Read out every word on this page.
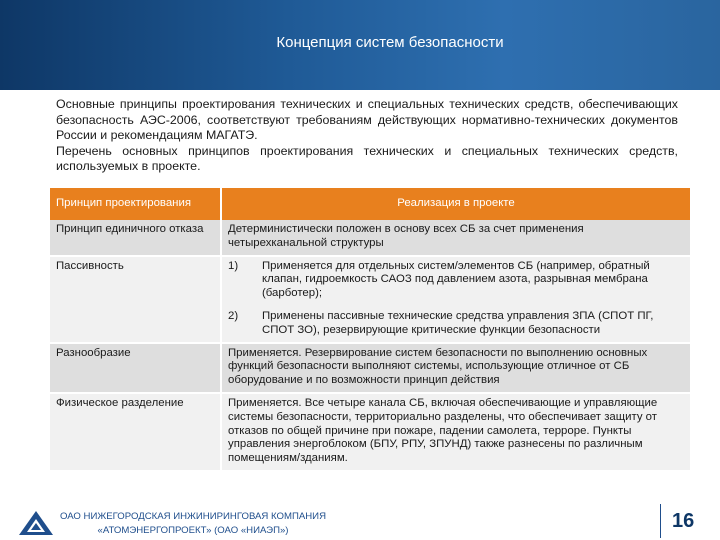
Концепция систем безопасности

Основные принципы проектирования технических и специальных технических средств, обеспечивающих безопасность АЭС-2006, соответствуют требованиям действующих нормативно-технических документов России и рекомендациям МАГАТЭ.

Перечень основных принципов проектирования технических и специальных технических средств, используемых в проекте.

Принцип проектирования	Реализация в проекте
Принцип единичного отказа	Детерминистически положен в основу всех СБ за счет применения четырехканальной структуры
Пассивность	1) Применяется для отдельных систем/элементов СБ (например, обратный клапан, гидроемкость САОЗ под давлением азота, разрывная мембрана (барботер);
2) Применены пассивные технические средства управления ЗПА (СПОТ ПГ, СПОТ ЗО), резервирующие критические функции безопасности

Разнообразие	Применяется. Резервирование систем безопасности по выполнению основных функций безопасности выполняют системы, использующие отличное от СБ оборудование и по возможности принцип действия
Физическое разделение	Применяется. Все четыре канала СБ, включая обеспечивающие и управляющие системы безопасности, территориально разделены, что обеспечивает защиту от отказов по общей причине при пожаре, падении самолета, терроре. Пункты управления энергоблоком (БПУ, РПУ, ЗПУНД) также разнесены по различным помещениям/зданиям.
ОАО НИЖЕГОРОДСКАЯ ИНЖИНИРИНГОВАЯ КОМПАНИЯ
«АТОМЭНЕРГОПРОЕКТ» (ОАО «НИАЭП»)	16
